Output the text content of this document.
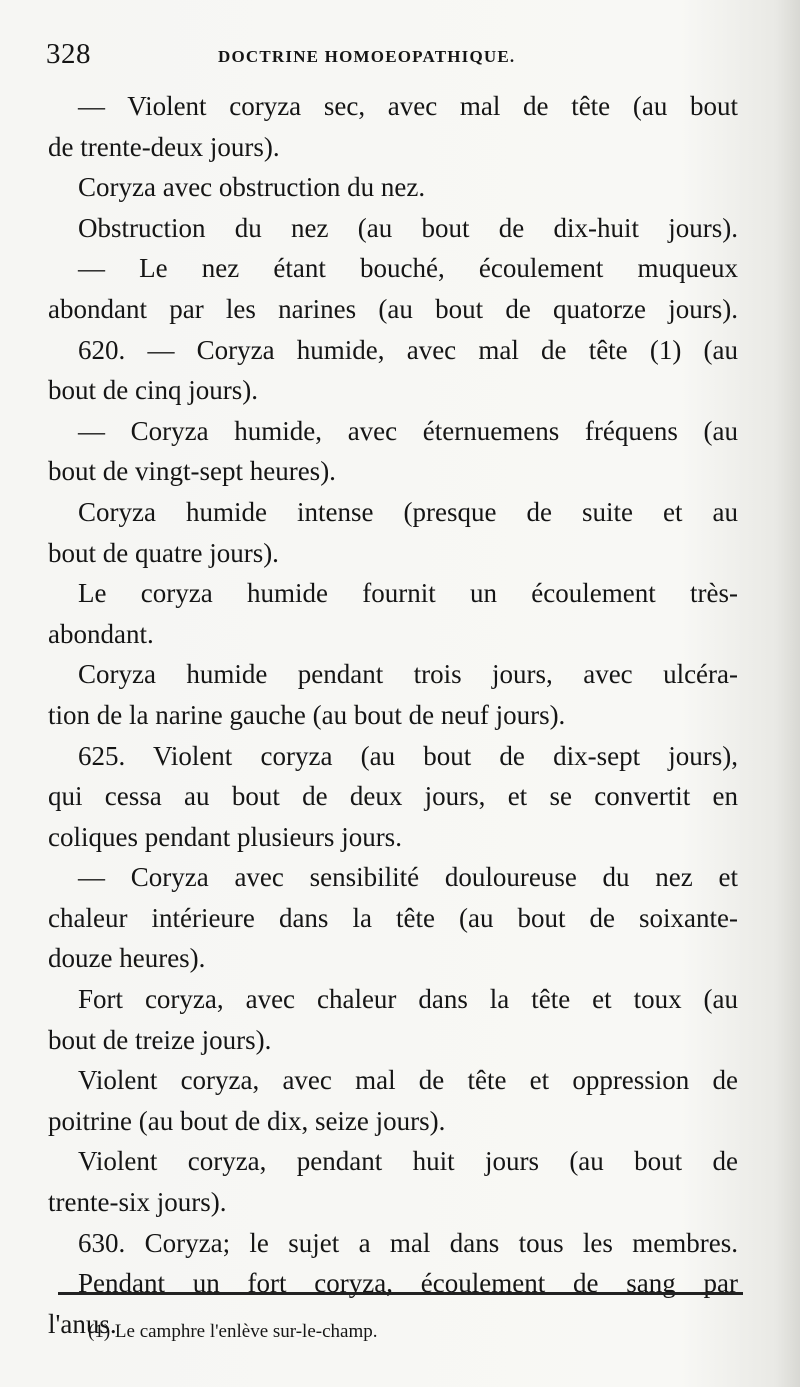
328	DOCTRINE HOMOEOPATHIQUE.
— Violent coryza sec, avec mal de tête (au bout
de trente-deux jours).
Coryza avec obstruction du nez.
Obstruction du nez (au bout de dix-huit jours).
— Le nez étant bouché, écoulement muqueux
abondant par les narines (au bout de quatorze jours).
620. — Coryza humide, avec mal de tête (1) (au
bout de cinq jours).
— Coryza humide, avec éternuemens fréquens (au
bout de vingt-sept heures).
Coryza humide intense (presque de suite et au
bout de quatre jours).
Le coryza humide fournit un écoulement très-
abondant.
Coryza humide pendant trois jours, avec ulcéra-
tion de la narine gauche (au bout de neuf jours).
625. Violent coryza (au bout de dix-sept jours),
qui cessa au bout de deux jours, et se convertit en
coliques pendant plusieurs jours.
— Coryza avec sensibilité douloureuse du nez et
chaleur intérieure dans la tête (au bout de soixante-
douze heures).
Fort coryza, avec chaleur dans la tête et toux (au
bout de treize jours).
Violent coryza, avec mal de tête et oppression de
poitrine (au bout de dix, seize jours).
Violent coryza, pendant huit jours (au bout de
trente-six jours).
630. Coryza; le sujet a mal dans tous les membres.
Pendant un fort coryza, écoulement de sang par
l'anus.
(1) Le camphre l'enlève sur-le-champ.
